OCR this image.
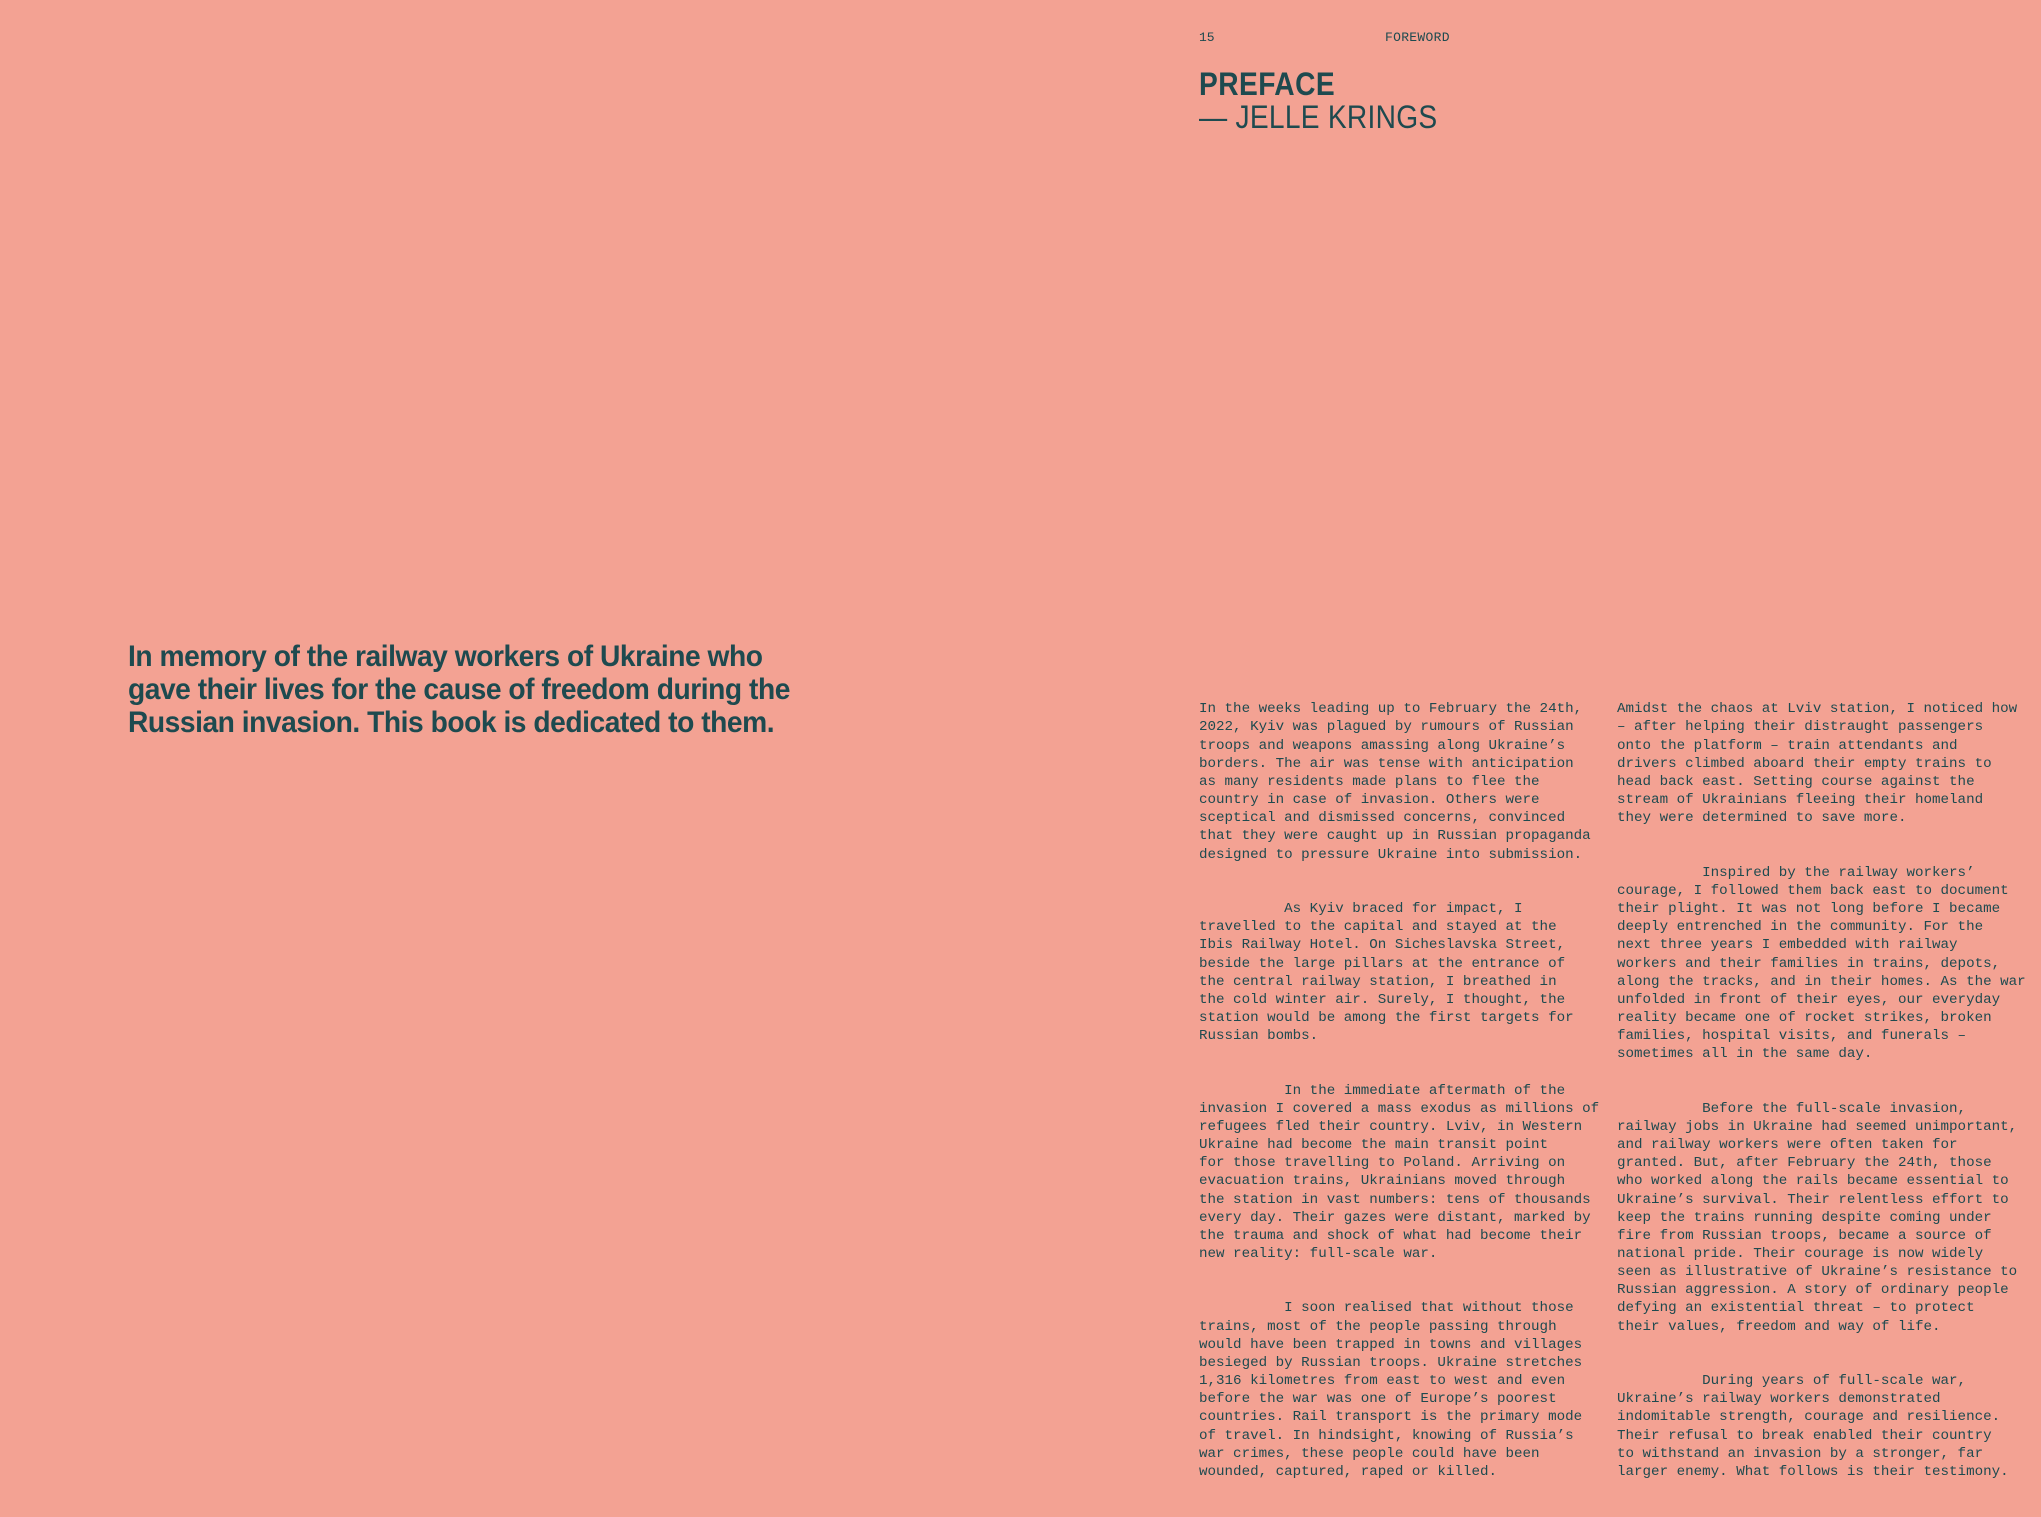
In memory of the railway workers of Ukraine who
gave their lives for the cause of freedom during the
Russian invasion. This book is dedicated to them.

15	FOREWORD
PREFACE
— JELLE KRINGS

In the weeks leading up to February the 24th,
2022, Kyiv was plagued by rumours of Russian
troops and weapons amassing along Ukraine’s
borders. The air was tense with anticipation
as many residents made plans to flee the
country in case of invasion. Others were
sceptical and dismissed concerns, convinced
that they were caught up in Russian propaganda
designed to pressure Ukraine into submission.

As Kyiv braced for impact, I
travelled to the capital and stayed at the
Ibis Railway Hotel. On Sicheslavska Street,
beside the large pillars at the entrance of
the central railway station, I breathed in
the cold winter air. Surely, I thought, the
station would be among the first targets for
Russian bombs.

In the immediate aftermath of the
invasion I covered a mass exodus as millions of
refugees fled their country. Lviv, in Western
Ukraine had become the main transit point
for those travelling to Poland. Arriving on
evacuation trains, Ukrainians moved through
the station in vast numbers: tens of thousands
every day. Their gazes were distant, marked by
the trauma and shock of what had become their
new reality: full-scale war.

I soon realised that without those
trains, most of the people passing through
would have been trapped in towns and villages
besieged by Russian troops. Ukraine stretches
1,316 kilometres from east to west and even
before the war was one of Europe’s poorest
countries. Rail transport is the primary mode
of travel. In hindsight, knowing of Russia’s
war crimes, these people could have been
wounded, captured, raped or killed.

Amidst the chaos at Lviv station, I noticed how
– after helping their distraught passengers
onto the platform – train attendants and
drivers climbed aboard their empty trains to
head back east. Setting course against the
stream of Ukrainians fleeing their homeland
they were determined to save more.

Inspired by the railway workers’
courage, I followed them back east to document
their plight. It was not long before I became
deeply entrenched in the community. For the
next three years I embedded with railway
workers and their families in trains, depots,
along the tracks, and in their homes. As the war
unfolded in front of their eyes, our everyday
reality became one of rocket strikes, broken
families, hospital visits, and funerals –
sometimes all in the same day.

Before the full-scale invasion,
railway jobs in Ukraine had seemed unimportant,
and railway workers were often taken for
granted. But, after February the 24th, those
who worked along the rails became essential to
Ukraine’s survival. Their relentless effort to
keep the trains running despite coming under
fire from Russian troops, became a source of
national pride. Their courage is now widely
seen as illustrative of Ukraine’s resistance to
Russian aggression. A story of ordinary people
defying an existential threat – to protect
their values, freedom and way of life.

During years of full-scale war,
Ukraine’s railway workers demonstrated
indomitable strength, courage and resilience.
Their refusal to break enabled their country
to withstand an invasion by a stronger, far
larger enemy. What follows is their testimony.
